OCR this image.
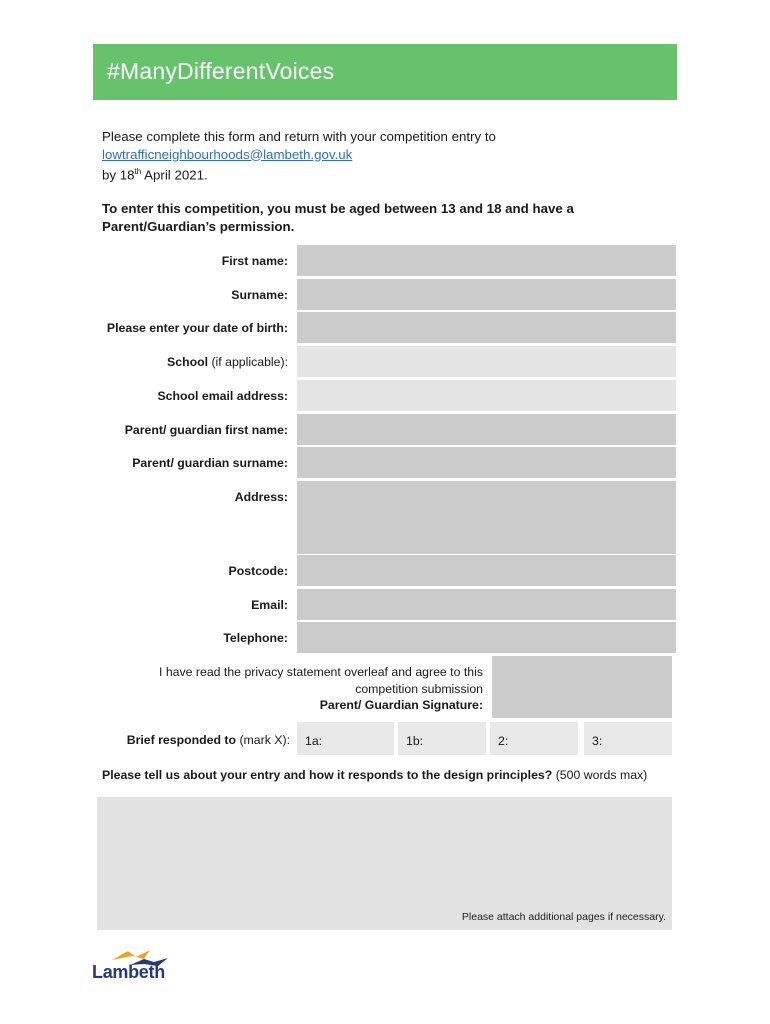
#ManyDifferentVoices
Please complete this form and return with your competition entry to
lowtrafficneighbourhoods@lambeth.gov.uk
by 18th April 2021.
To enter this competition, you must be aged between 13 and 18 and have a Parent/Guardian’s permission.
First name:
Surname:
Please enter your date of birth:
School (if applicable):
School email address:
Parent/ guardian first name:
Parent/ guardian surname:
Address:
Postcode:
Email:
Telephone:
I have read the privacy statement overleaf and agree to this
competition submission
Parent/ Guardian Signature:
Brief responded to (mark X): 1a:	1b:	2:	3:
Please tell us about your entry and how it responds to the design principles? (500 words max)
Please attach additional pages if necessary.
Lambeth
